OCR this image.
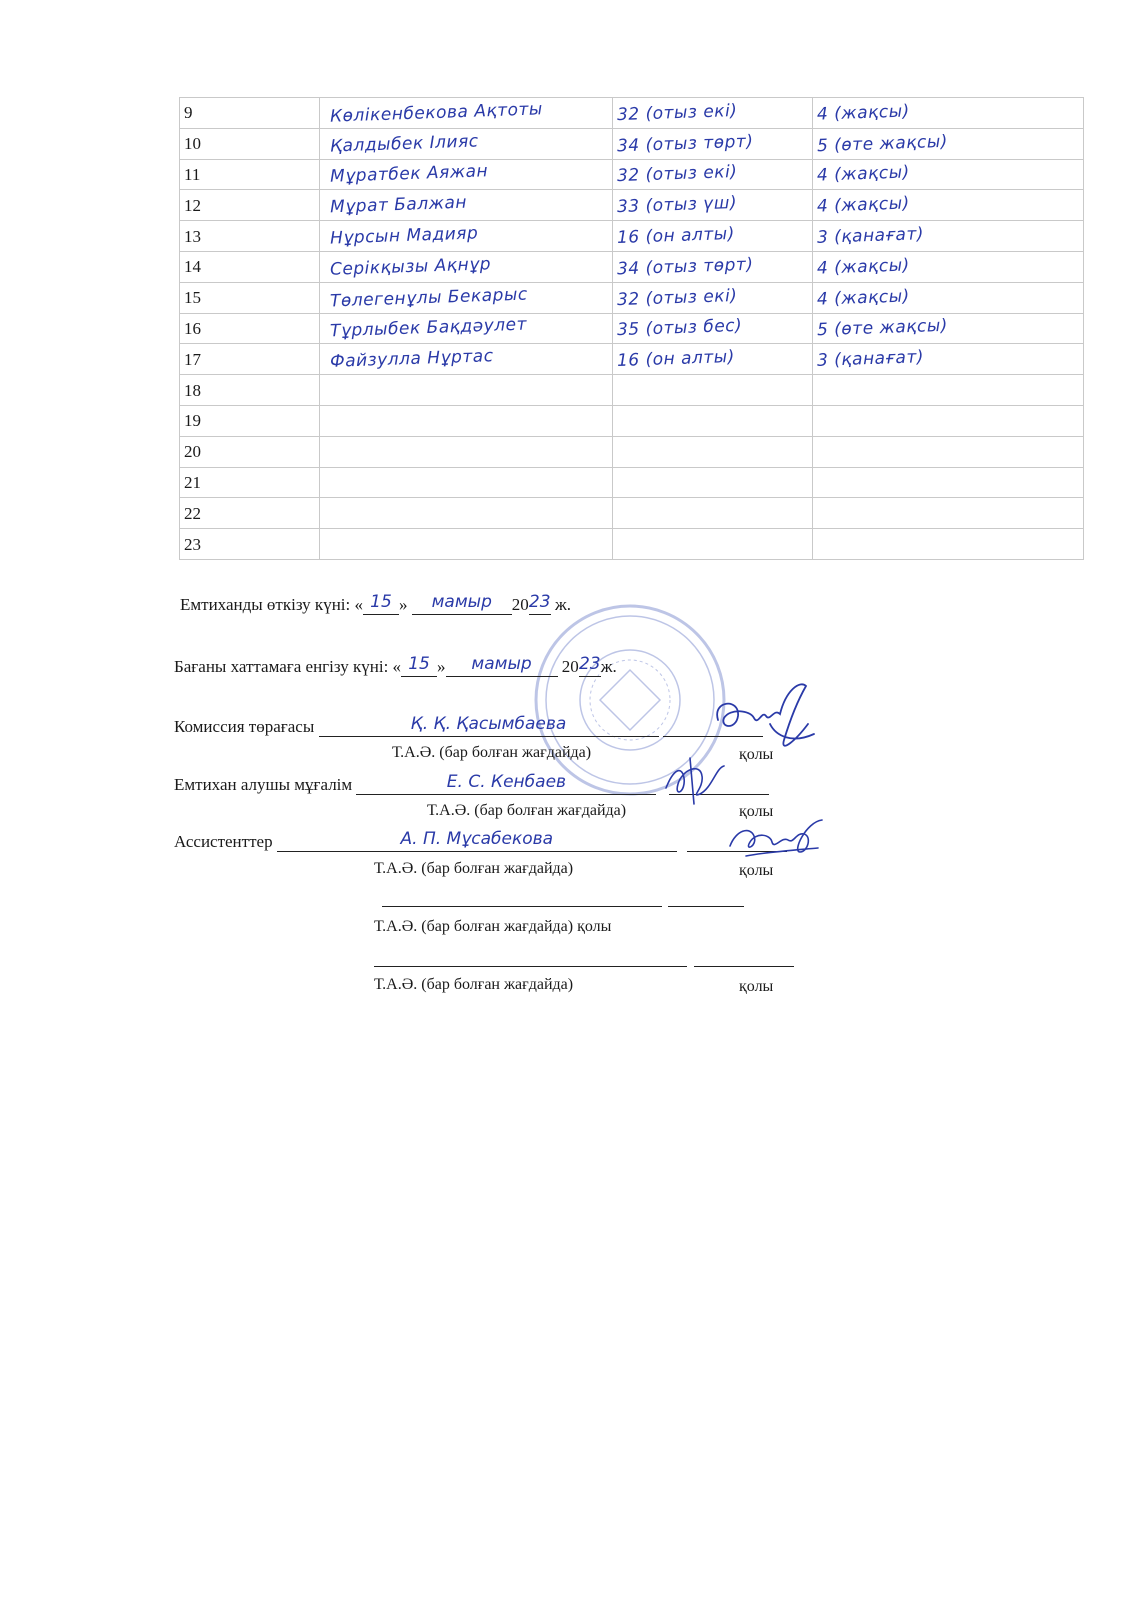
9	Көлікенбекова Ақтоты	32 (отыз екі)	4 (жақсы)
10	Қалдыбек Ілияс	34 (отыз төрт)	5 (өте жақсы)
11	Мұратбек Аяжан	32 (отыз екі)	4 (жақсы)
12	Мұрат Балжан	33 (отыз үш)	4 (жақсы)
13	Нұрсын Мадияр	16 (он алты)	3 (қанағат)
14	Серікқызы Ақнұр	34 (отыз төрт)	4 (жақсы)
15	Төлегенұлы Бекарыс	32 (отыз екі)	4 (жақсы)
16	Тұрлыбек Бақдәулет	35 (отыз бес)	5 (өте жақсы)
17	Файзулла Нұртас	16 (он алты)	3 (қанағат)
18			
19			
20			
21			
22			
23			
Емтиханды өткізу күні: « 15 » мамыр 2023 ж.
Бағаны хаттамаға енгізу күні: « 15 » мамыр 2023ж.
Комиссия төрағасы	Қ. Қ. Қасымбаева
Т.А.Ә. (бар болған жағдайда)	қолы
Емтихан алушы мұғалім	Е. С. Кенбаев
Т.А.Ә. (бар болған жағдайда)	қолы
Ассистенттер	А. П. Мұсабекова
Т.А.Ә. (бар болған жағдайда)	қолы
Т.А.Ә. (бар болған жағдайда) қолы
Т.А.Ә. (бар болған жағдайда)	қолы
